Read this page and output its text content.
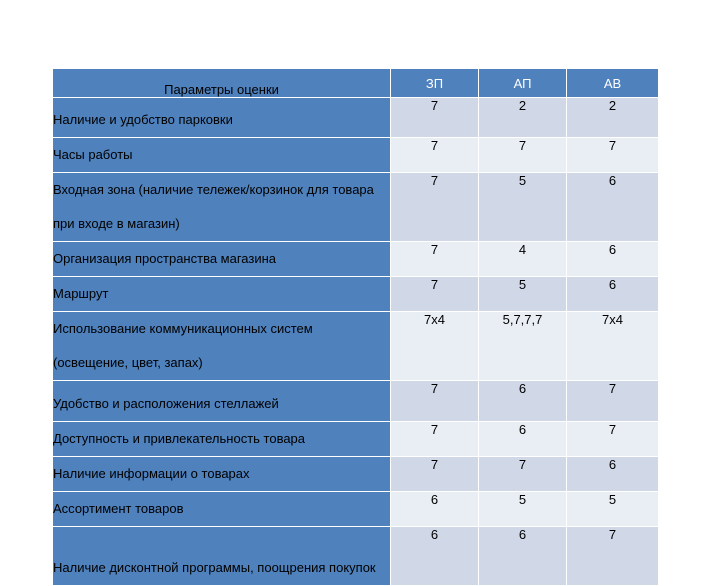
Параметры оценки	ЗП	АП	АВ
Наличие и удобство парковки	7	2	2
Часы работы	7	7	7
Входная зона (наличие тележек/корзинок для товара при входе в магазин)	7	5	6
Организация пространства магазина	7	4	6
Маршрут	7	5	6
Использование коммуникационных систем (освещение, цвет, запах)	7х4	5,7,7,7	7х4
Удобство и расположения стеллажей	7	6	7
Доступность и привлекательность товара	7	6	7
Наличие информации о товарах	7	7	6
Ассортимент товаров	6	5	5
Наличие дисконтной программы, поощрения покупок	6	6	7
